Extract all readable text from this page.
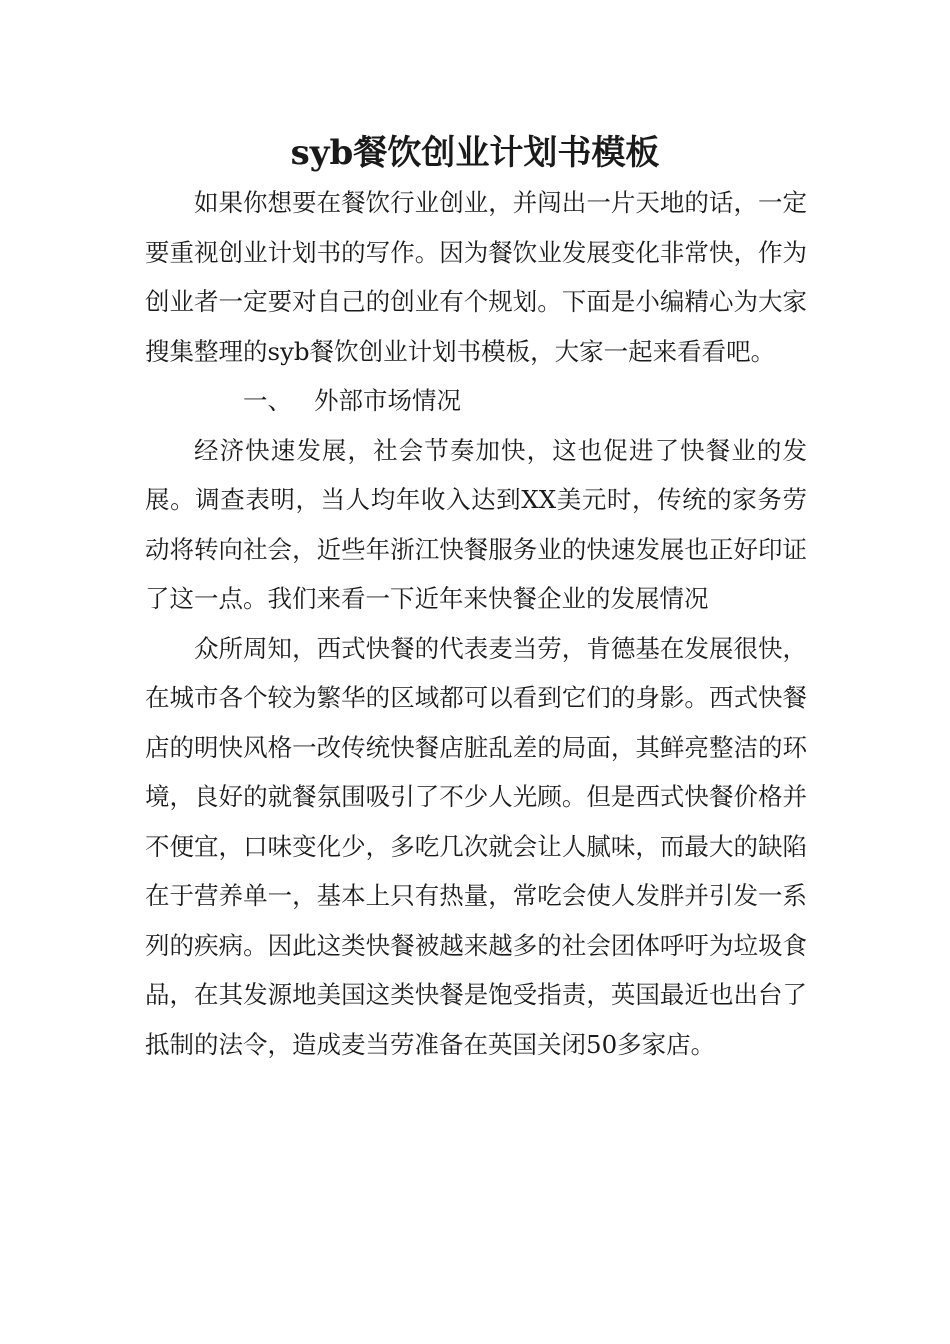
syb餐饮创业计划书模板

如果你想要在餐饮行业创业，并闯出一片天地的话，一定要重视创业计划书的写作。因为餐饮业发展变化非常快，作为创业者一定要对自己的创业有个规划。下面是小编精心为大家搜集整理的syb餐饮创业计划书模板，大家一起来看看吧。

一、 外部市场情况

经济快速发展，社会节奏加快，这也促进了快餐业的发展。调查表明，当人均年收入达到XX美元时，传统的家务劳动将转向社会，近些年浙江快餐服务业的快速发展也正好印证了这一点。我们来看一下近年来快餐企业的发展情况

众所周知，西式快餐的代表麦当劳，肯德基在发展很快，在城市各个较为繁华的区域都可以看到它们的身影。西式快餐店的明快风格一改传统快餐店脏乱差的局面，其鲜亮整洁的环境，良好的就餐氛围吸引了不少人光顾。但是西式快餐价格并不便宜，口味变化少，多吃几次就会让人腻味，而最大的缺陷在于营养单一，基本上只有热量，常吃会使人发胖并引发一系列的疾病。因此这类快餐被越来越多的社会团体呼吁为垃圾食品，在其发源地美国这类快餐是饱受指责，英国最近也出台了抵制的法令，造成麦当劳准备在英国关闭50多家店。
